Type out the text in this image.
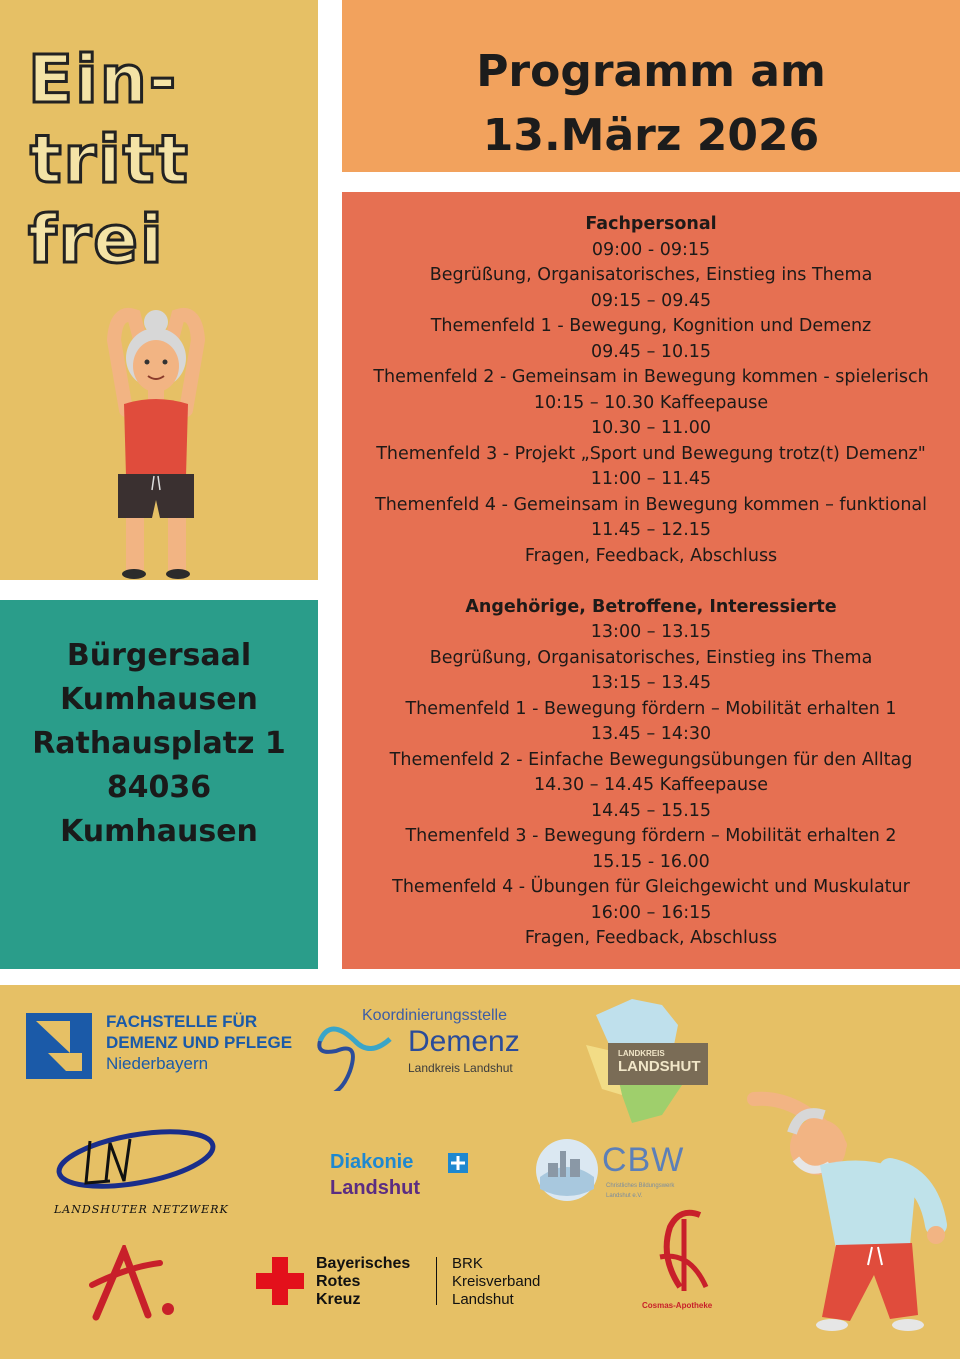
Ein-
tritt
frei
Programm am
13.März 2026
Fachpersonal
09:00 - 09:15
Begrüßung, Organisatorisches, Einstieg ins Thema
09:15 – 09.45
Themenfeld 1 - Bewegung, Kognition und Demenz
09.45 – 10.15
Themenfeld 2 - Gemeinsam in Bewegung kommen - spielerisch
10:15 – 10.30 Kaffeepause
10.30 – 11.00
Themenfeld 3 - Projekt „Sport und Bewegung trotz(t) Demenz"
11:00 – 11.45
Themenfeld 4 - Gemeinsam in Bewegung kommen – funktional
11.45 – 12.15
Fragen, Feedback, Abschluss
Angehörige, Betroffene, Interessierte
13:00 – 13.15
Begrüßung, Organisatorisches, Einstieg ins Thema
13:15 – 13.45
Themenfeld 1 - Bewegung fördern – Mobilität erhalten 1
13.45 – 14:30
Themenfeld 2 - Einfache Bewegungsübungen für den Alltag
14.30 – 14.45 Kaffeepause
14.45 – 15.15
Themenfeld 3 - Bewegung fördern – Mobilität erhalten 2
15.15 - 16.00
Themenfeld 4 - Übungen für Gleichgewicht und Muskulatur
16:00 – 16:15
Fragen, Feedback, Abschluss
Bürgersaal
Kumhausen
Rathausplatz 1
84036
Kumhausen
FACHSTELLE FÜR
DEMENZ UND PFLEGE
Niederbayern
Koordinierungsstelle
Demenz
Landkreis Landshut
LANDKREIS
LANDSHUT
LANDSHUTER NETZWERK
Diakonie
Landshut
CBW
Christliches Bildungswerk
Landshut e.V.
Bayerisches
Rotes
Kreuz
BRK
Kreisverband
Landshut	Cosmas-Apotheke
